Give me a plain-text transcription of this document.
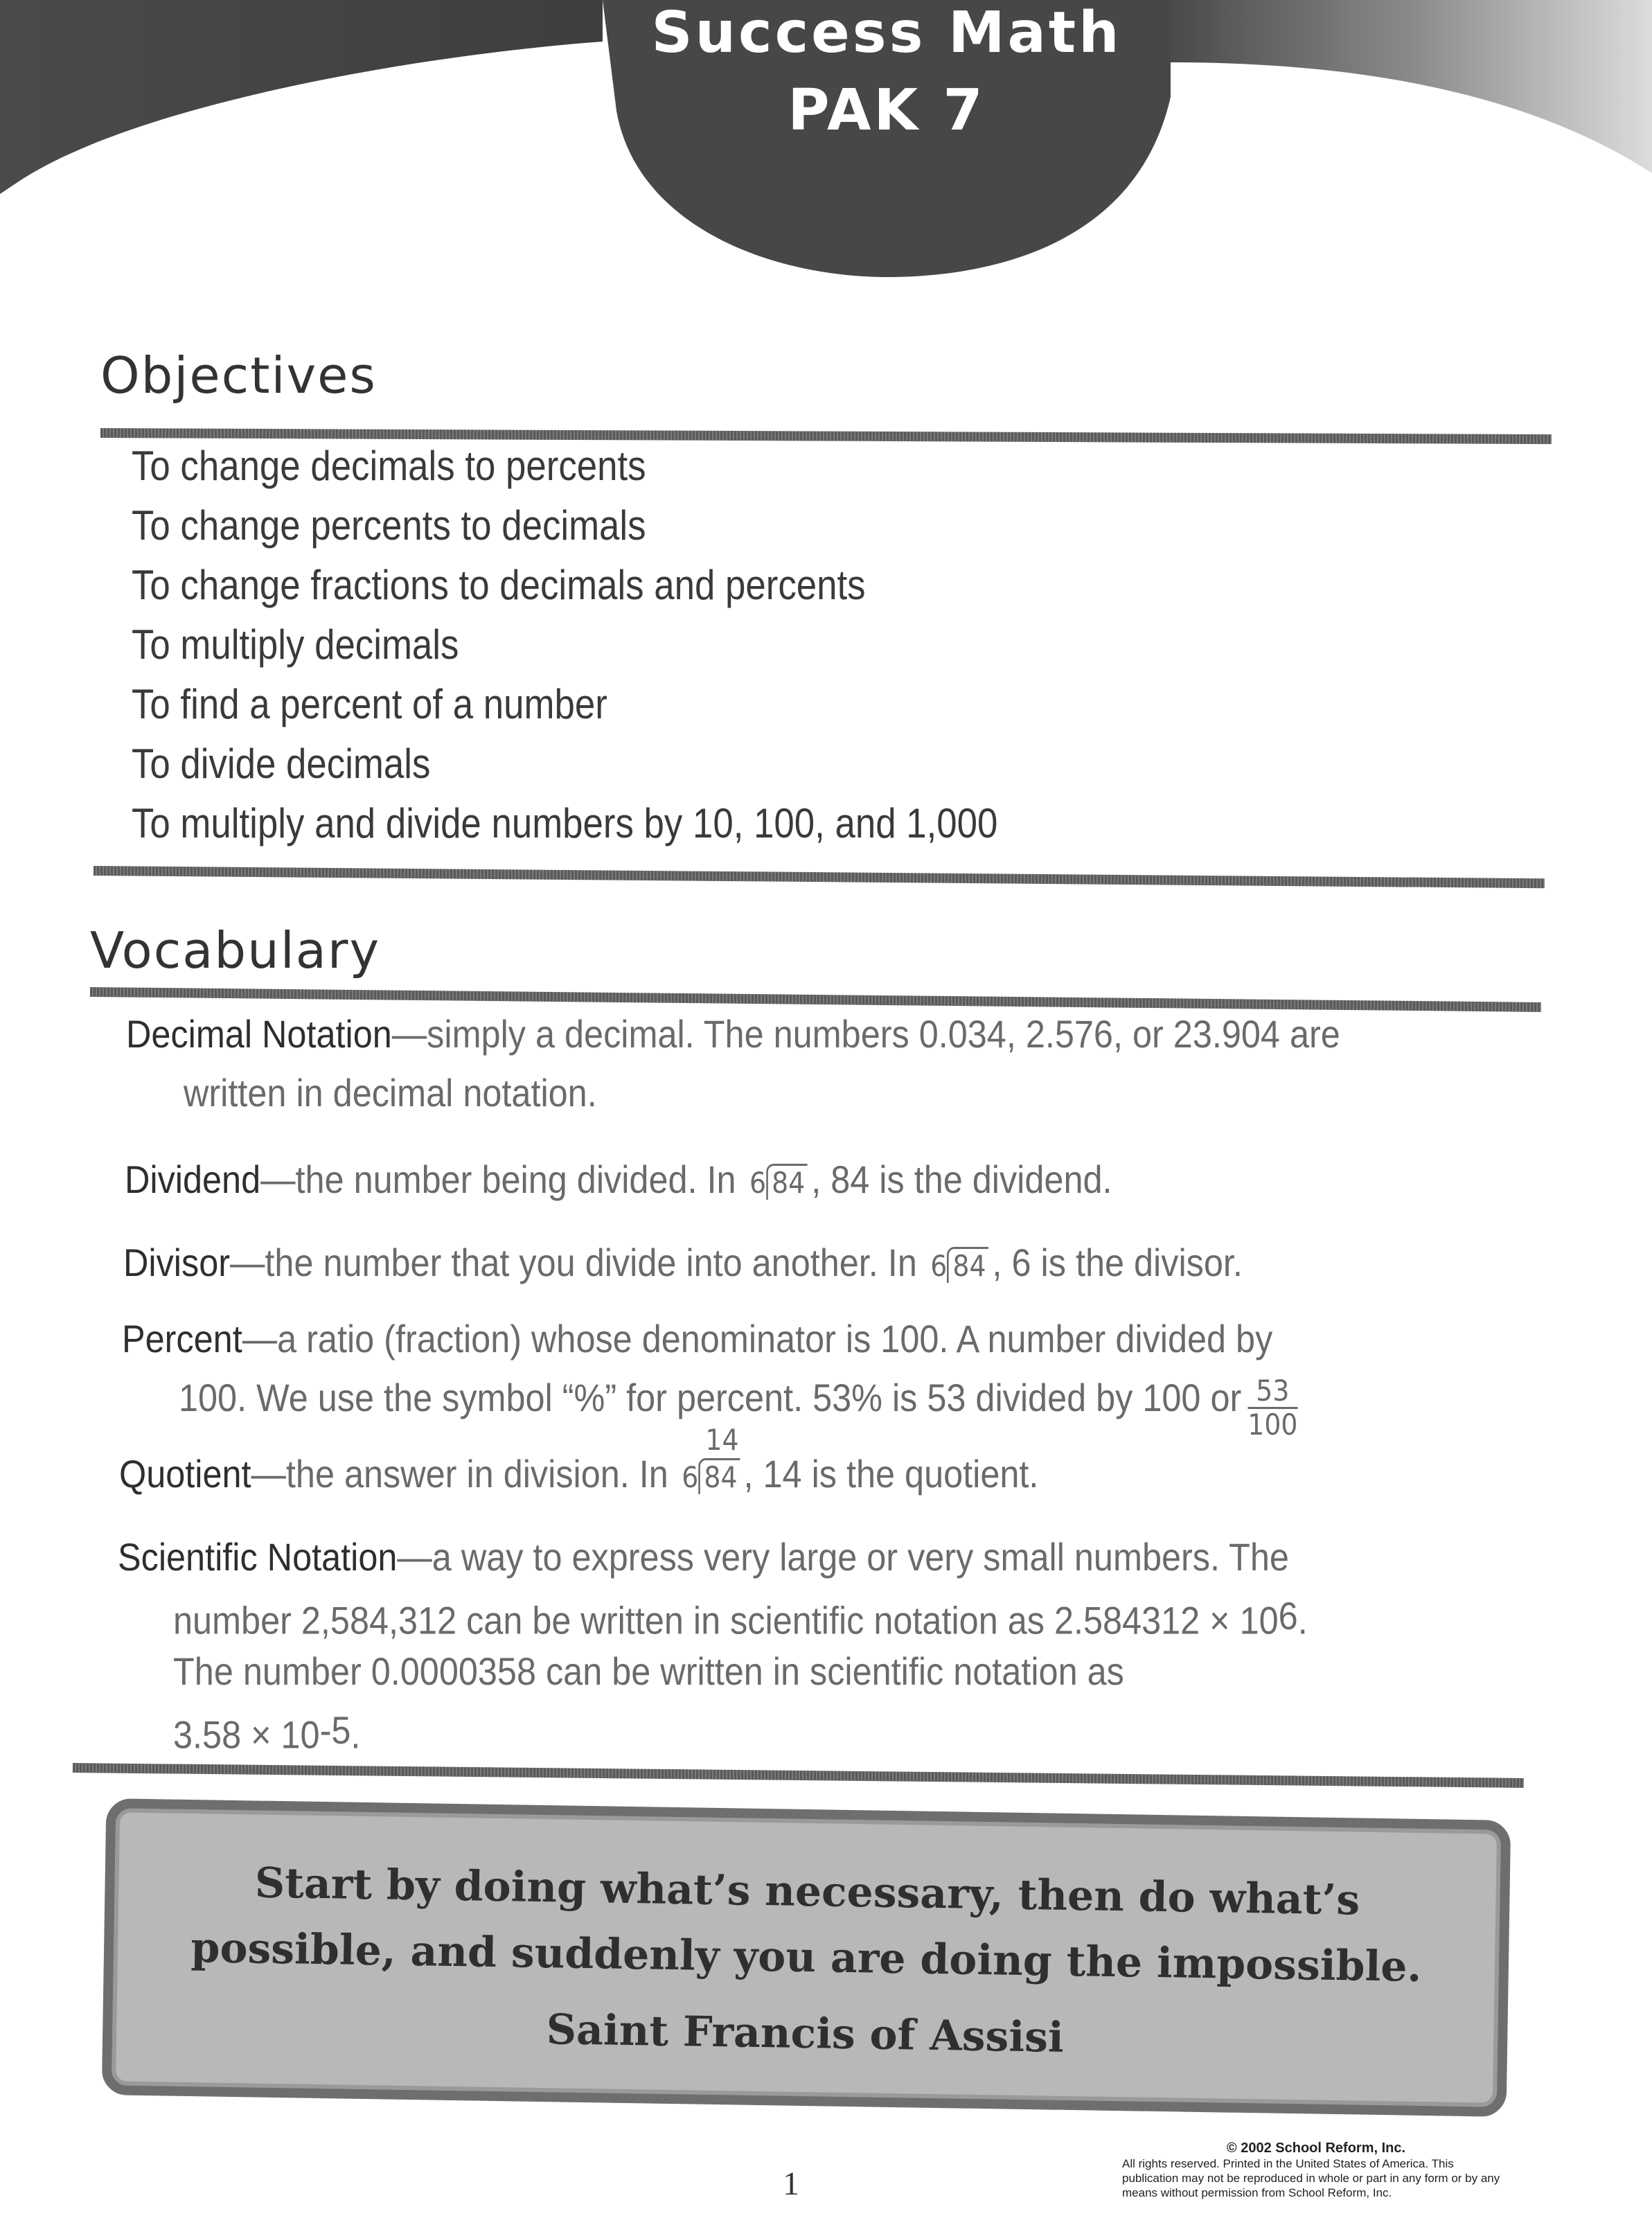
Success Math
PAK 7
Objectives
To change decimals to percents
To change percents to decimals
To change fractions to decimals and percents
To multiply decimals
To find a percent of a number
To divide decimals
To multiply and divide numbers by 10, 100, and 1,000
Vocabulary
Decimal Notation—simply a decimal. The numbers 0.034, 2.576, or 23.904 are
written in decimal notation.
Dividend—the number being divided. In 6 84 , 84 is the dividend.
Divisor—the number that you divide into another. In 6 84 , 6 is the divisor.
Percent—a ratio (fraction) whose denominator is 100. A number divided by
100. We use the symbol “%” for percent. 53% is 53 divided by 100 or $\frac{53}{100}$
Quotient—the answer in division. In
14
6 84 , 14 is the quotient.
Scientific Notation—a way to express very large or very small numbers. The
number 2,584,312 can be written in scientific notation as $2.584312 \times 10^6$.
The number 0.0000358 can be written in scientific notation as
$3.58 \times 10^{-5}$.
Start by doing what’s necessary, then do what’s
possible, and suddenly you are doing the impossible.
Saint Francis of Assisi
1
© 2002 School Reform, Inc.
All rights reserved. Printed in the United States of America. This publication may not be reproduced in whole or part in any form or by any means without permission from School Reform, Inc.
